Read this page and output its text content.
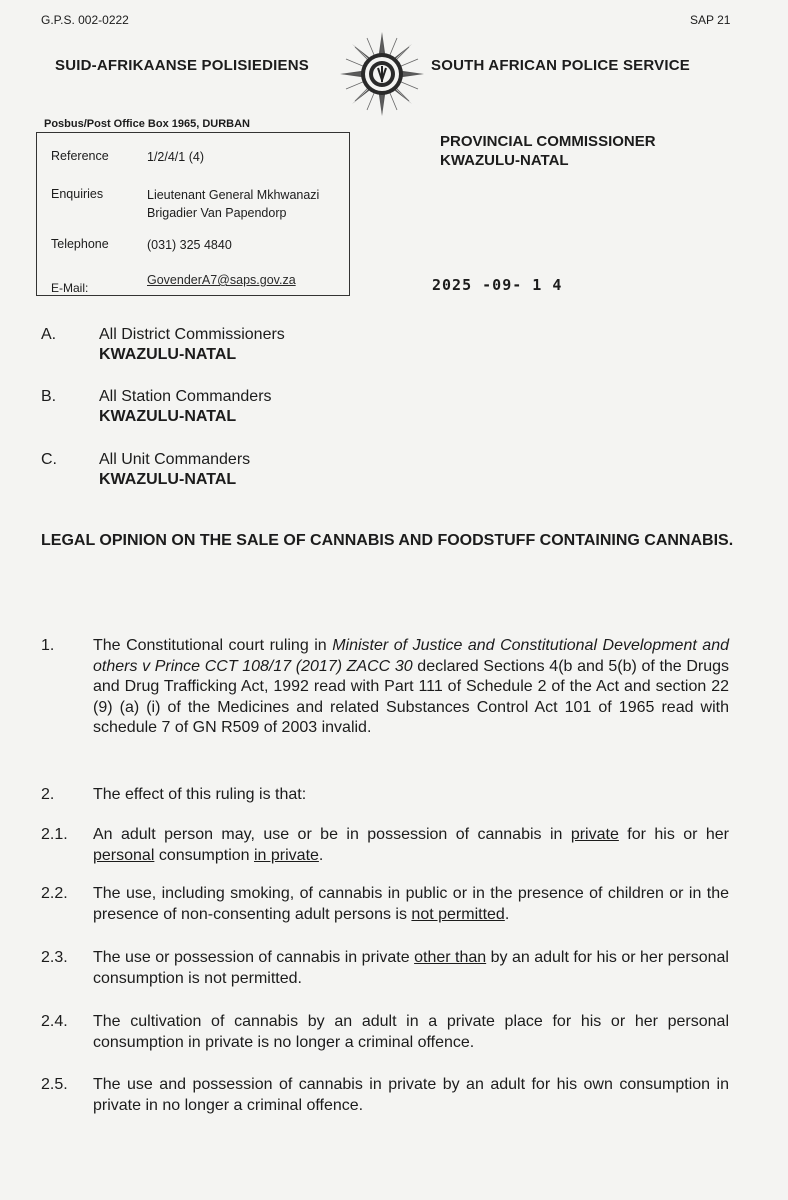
G.P.S. 002-0222	SAP 21
SUID-AFRIKAANSE POLISIEDIENS	SOUTH AFRICAN POLICE SERVICE
Posbus/Post Office Box 1965, DURBAN
Reference	1/2/4/1 (4)
Enquiries	Lieutenant General Mkhwanazi
Brigadier Van Papendorp
Telephone	(031) 325 4840
E-Mail:
GovenderA7@saps.gov.za
PROVINCIAL COMMISSIONER
KWAZULU-NATAL
2025 -09- 1 4
A.	All District Commissioners
KWAZULU-NATAL
B.	All Station Commanders
KWAZULU-NATAL
C.	All Unit Commanders
KWAZULU-NATAL
LEGAL OPINION ON THE SALE OF CANNABIS AND FOODSTUFF CONTAINING CANNABIS.
1. The Constitutional court ruling in Minister of Justice and Constitutional Development and others v Prince CCT 108/17 (2017) ZACC 30 declared Sections 4(b and 5(b) of the Drugs and Drug Trafficking Act, 1992 read with Part 111 of Schedule 2 of the Act and section 22 (9) (a) (i) of the Medicines and related Substances Control Act 101 of 1965 read with schedule 7 of GN R509 of 2003 invalid.
2. The effect of this ruling is that:
2.1. An adult person may, use or be in possession of cannabis in private for his or her personal consumption in private.
2.2. The use, including smoking, of cannabis in public or in the presence of children or in the presence of non-consenting adult persons is not permitted.
2.3. The use or possession of cannabis in private other than by an adult for his or her personal consumption is not permitted.
2.4. The cultivation of cannabis by an adult in a private place for his or her personal consumption in private is no longer a criminal offence.
2.5. The use and possession of cannabis in private by an adult for his own consumption in private in no longer a criminal offence.
